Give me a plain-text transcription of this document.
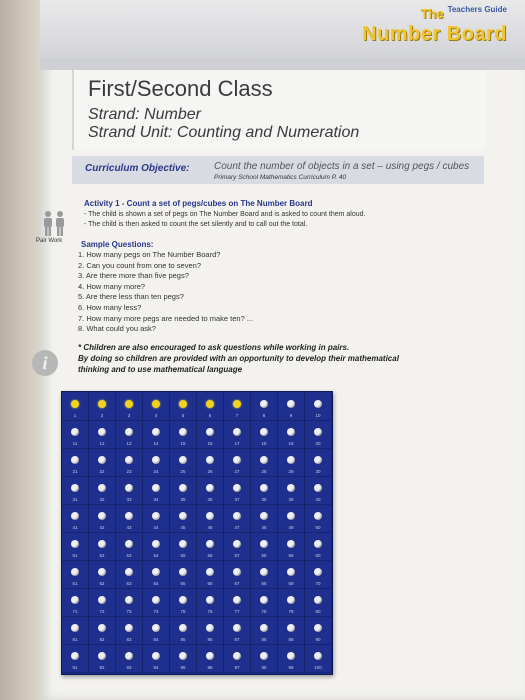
The $^{Teachers Guide}$
Number Board
First/Second Class
Strand: Number
Strand Unit: Counting and Numeration
Curriculum Objective: Count the number of objects in a set – using pegs / cubes
Primary School Mathematics Curriculum P. 40
Pair Work
Activity 1 - Count a set of pegs/cubes on The Number Board
- The child is shown a set of pegs on The Number Board and is asked to count them aloud.
- The child is then asked to count the set silently and to call out the total.
Sample Questions:
1. How many pegs on The Number Board?
2. Can you count from one to seven?
3. Are there more than five pegs?
4. How many more?
5. Are there less than ten pegs?
6. How many less?
7. How many more pegs are needed to make ten? ...
8. What could you ask?
i
* Children are also encouraged to ask questions while working in pairs.
By doing so children are provided with an opportunity to develop their mathematical
thinking and to use mathematical language
1	2	3	4	5	6	7	8	9	10
11	12	13	14	15	16	17	18	19	20
21	22	23	24	25	26	27	28	29	30
31	32	33	34	35	36	37	38	39	40
41	42	43	44	45	46	47	48	49	50
51	52	53	54	55	56	57	58	59	60
61	62	63	64	65	66	67	68	69	70
71	72	73	74	75	76	77	78	79	80
81	82	83	84	85	86	87	88	89	90
91	92	93	94	95	96	97	98	99	100
